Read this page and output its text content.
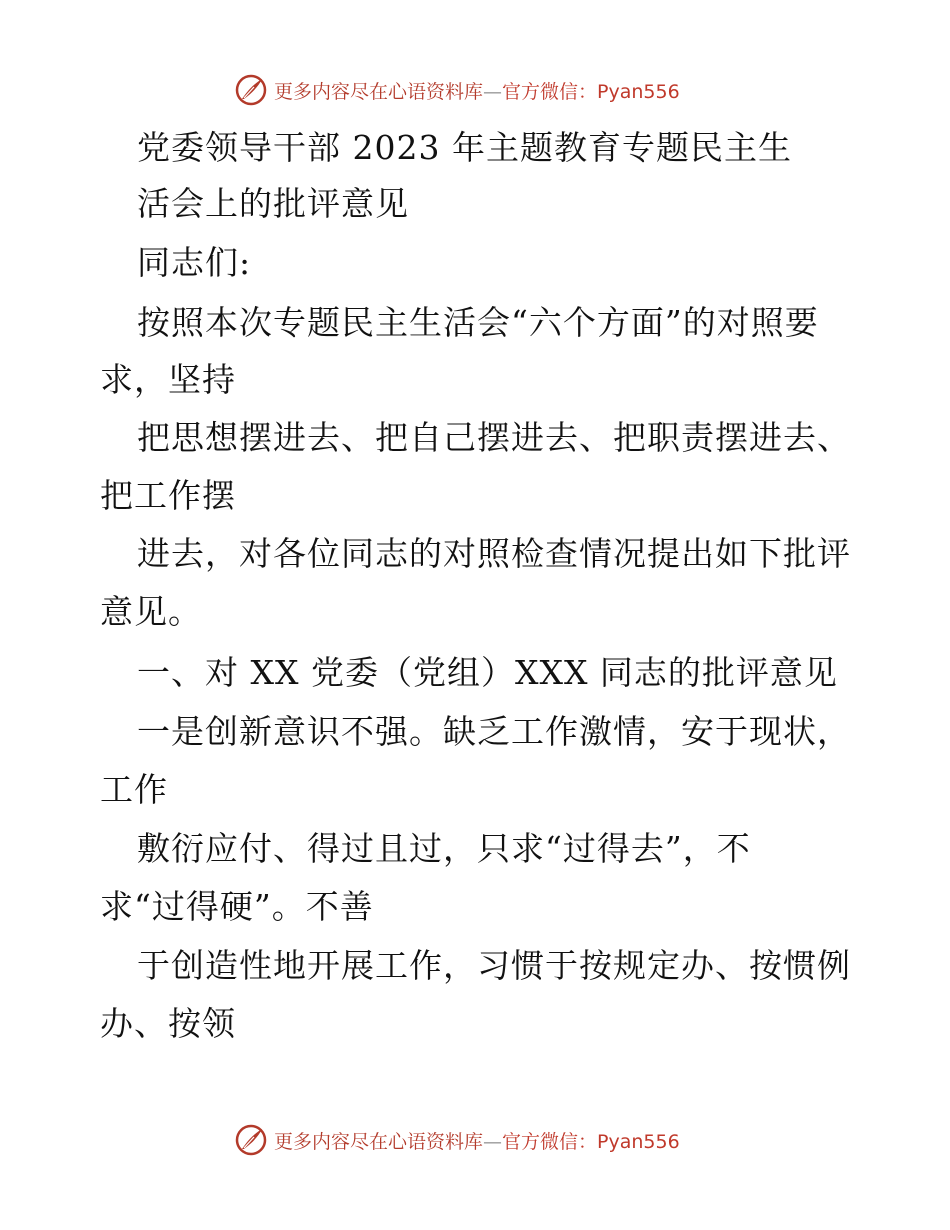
更多内容尽在心语资料库—官方微信：Pyan556
党委领导干部 2023 年主题教育专题民主生
活会上的批评意见
同志们:
按照本次专题民主生活会“六个方面”的对照要
求，坚持
把思想摆进去、把自己摆进去、把职责摆进去、
把工作摆
进去，对各位同志的对照检查情况提出如下批评
意见。
一、对 XX 党委（党组）XXX 同志的批评意见
一是创新意识不强。缺乏工作激情，安于现状，
工作
敷衍应付、得过且过，只求“过得去”，不
求“过得硬”。不善
于创造性地开展工作，习惯于按规定办、按惯例
办、按领
更多内容尽在心语资料库—官方微信：Pyan556
